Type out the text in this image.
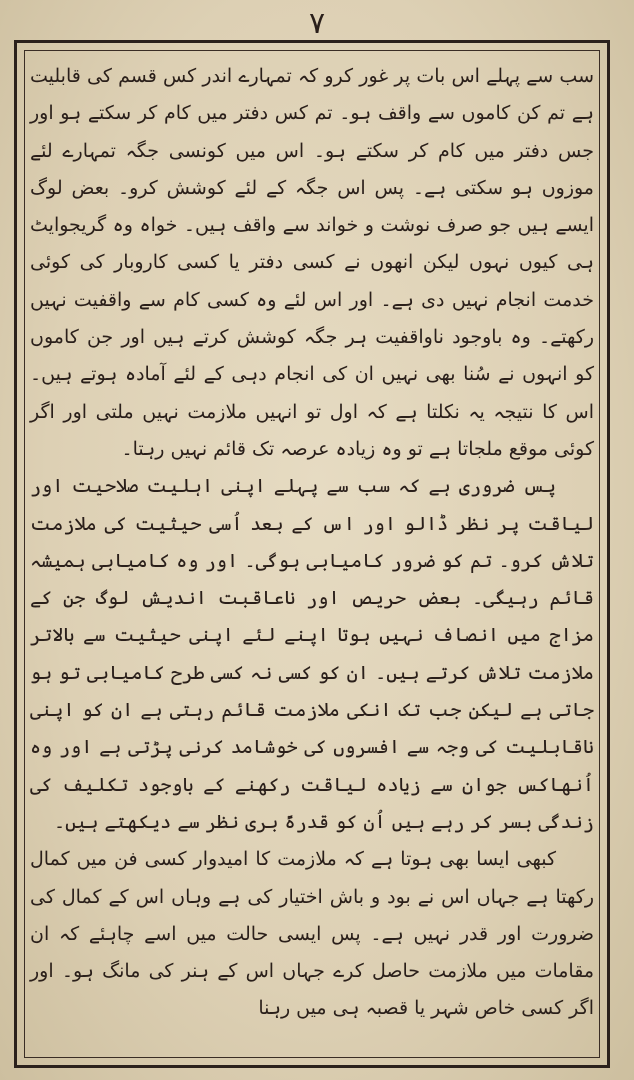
۷

سب سے پہلے اس بات پر غور کرو کہ تمہارے اندر کس قسم کی قابلیت ہے تم کن کاموں سے واقف ہو۔ تم کس دفتر میں کام کر سکتے ہو اور جس دفتر میں کام کر سکتے ہو۔ اس میں کونسی جگہ تمہارے لئے موزوں ہو سکتی ہے۔ پس اس جگہ کے لئے کوشش کرو۔ بعض لوگ ایسے ہیں جو صرف نوشت و خواند سے واقف ہیں۔ خواہ وہ گریجوایٹ ہی کیوں نہوں لیکن انھوں نے کسی دفتر یا کسی کاروبار کی کوئی خدمت انجام نہیں دی ہے۔ اور اس لئے وہ کسی کام سے واقفیت نہیں رکھتے۔ وہ باوجود ناواقفیت ہر جگہ کوشش کرتے ہیں اور جن کاموں کو انہوں نے سُنا بھی نہیں ان کی انجام دہی کے لئے آمادہ ہوتے ہیں۔ اس کا نتیجہ یہ نکلتا ہے کہ اول تو انہیں ملازمت نہیں ملتی اور اگر کوئی موقع ملجاتا ہے تو وہ زیادہ عرصہ تک قائم نہیں رہتا۔

پس ضروری ہے کہ سب سے پہلے اپنی اہلیت صلاحیت اور لیاقت پر نظر ڈالو اور اس کے بعد اُسی حیثیت کی ملازمت تلاش کرو۔ تم کو ضرور کامیابی ہوگی۔ اور وہ کامیابی ہمیشہ قائم رہیگی۔ بعض حریص اور ناعاقبت اندیش لوگ جن کے مزاج میں انصاف نہیں ہوتا اپنے لئے اپنی حیثیت سے بالاتر ملازمت تلاش کرتے ہیں۔ ان کو کسی نہ کسی طرح کامیابی تو ہو جاتی ہے لیکن جب تک انکی ملازمت قائم رہتی ہے ان کو اپنی ناقابلیت کی وجہ سے افسروں کی خوشامد کرنی پڑتی ہے اور وہ اُنھاکس جوان سے زیادہ لیاقت رکھنے کے باوجود تکلیف کی زندگی بسر کر رہے ہیں اُن کو قدرۃً بری نظر سے دیکھتے ہیں۔

کبھی ایسا بھی ہوتا ہے کہ ملازمت کا امیدوار کسی فن میں کمال رکھتا ہے جہاں اس نے بود و باش اختیار کی ہے وہاں اس کے کمال کی ضرورت اور قدر نہیں ہے۔ پس ایسی حالت میں اسے چاہئے کہ ان مقامات میں ملازمت حاصل کرے جہاں اس کے ہنر کی مانگ ہو۔ اور اگر کسی خاص شہر یا قصبہ ہی میں رہنا
